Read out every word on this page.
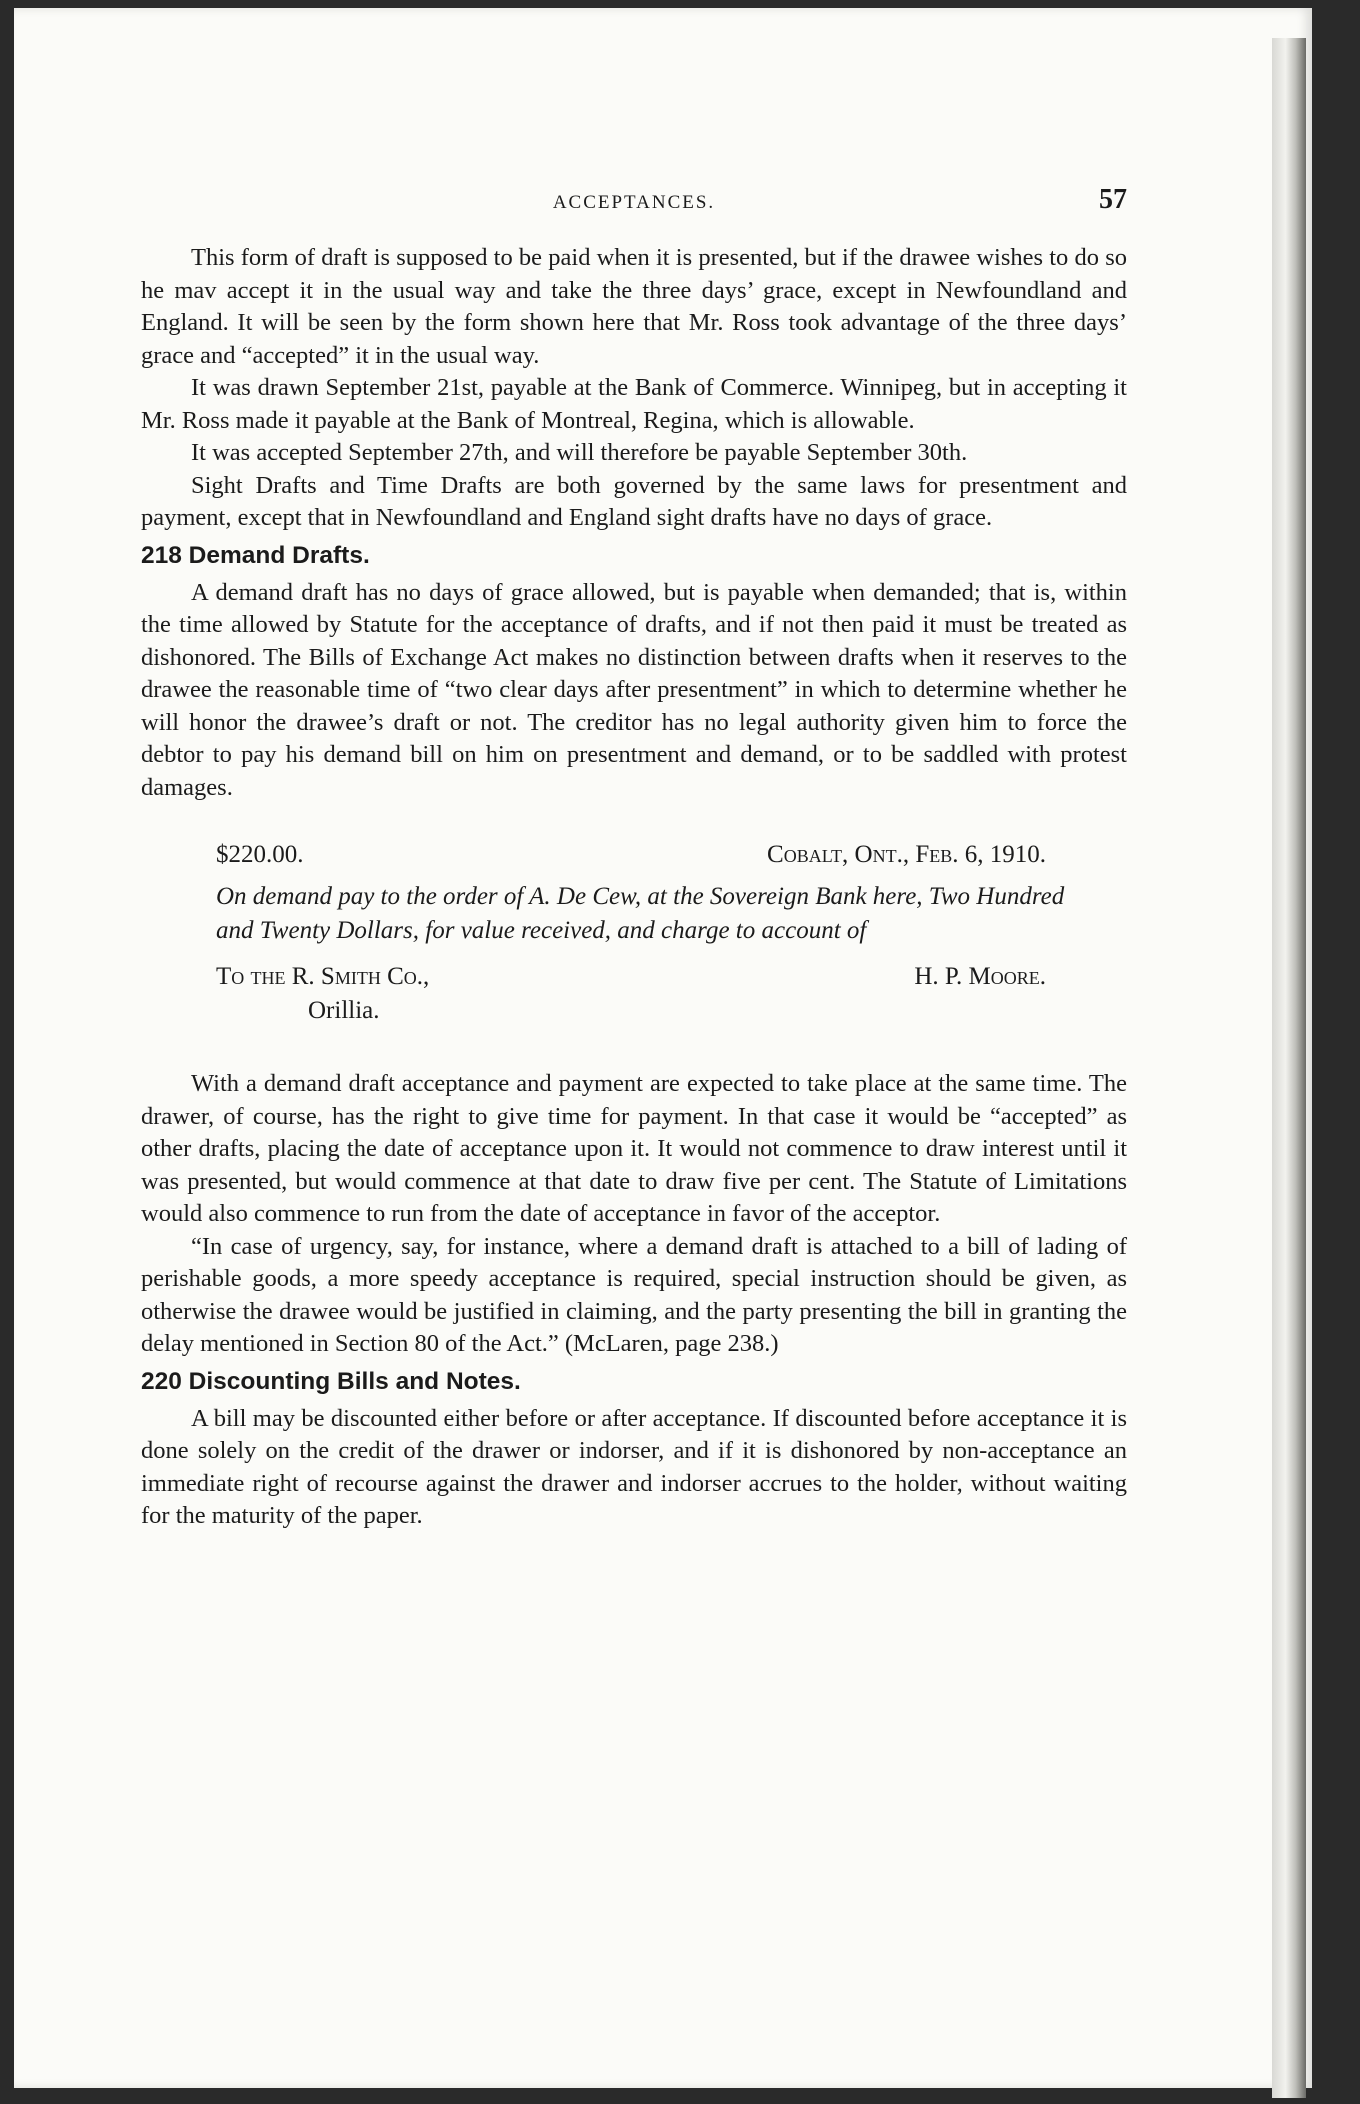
ACCEPTANCES.	57

This form of draft is supposed to be paid when it is presented, but if the drawee wishes to do so he mav accept it in the usual way and take the three days’ grace, except in Newfoundland and England. It will be seen by the form shown here that Mr. Ross took advantage of the three days’ grace and “accepted” it in the usual way.

It was drawn September 21st, payable at the Bank of Commerce. Winnipeg, but in accepting it Mr. Ross made it payable at the Bank of Montreal, Regina, which is allowable.

It was accepted September 27th, and will therefore be payable September 30th.

Sight Drafts and Time Drafts are both governed by the same laws for presentment and payment, except that in Newfoundland and England sight drafts have no days of grace.

218 Demand Drafts.

A demand draft has no days of grace allowed, but is payable when demanded; that is, within the time allowed by Statute for the acceptance of drafts, and if not then paid it must be treated as dishonored. The Bills of Exchange Act makes no distinction between drafts when it reserves to the drawee the reasonable time of “two clear days after presentment” in which to determine whether he will honor the drawee’s draft or not. The creditor has no legal authority given him to force the debtor to pay his demand bill on him on presentment and demand, or to be saddled with protest damages.

$220.00.	Cobalt, Ont., Feb. 6, 1910.
On demand pay to the order of A. De Cew, at the Sovereign Bank here, Two Hundred and Twenty Dollars, for value received, and charge to account of
To the R. Smith Co.,	H. P. Moore.
Orillia.

With a demand draft acceptance and payment are expected to take place at the same time. The drawer, of course, has the right to give time for payment. In that case it would be “accepted” as other drafts, placing the date of acceptance upon it. It would not commence to draw interest until it was presented, but would commence at that date to draw five per cent. The Statute of Limitations would also commence to run from the date of acceptance in favor of the acceptor.

“In case of urgency, say, for instance, where a demand draft is attached to a bill of lading of perishable goods, a more speedy acceptance is required, special instruction should be given, as otherwise the drawee would be justified in claiming, and the party presenting the bill in granting the delay mentioned in Section 80 of the Act.” (McLaren, page 238.)

220 Discounting Bills and Notes.

A bill may be discounted either before or after acceptance. If discounted before acceptance it is done solely on the credit of the drawer or indorser, and if it is dishonored by non-acceptance an immediate right of recourse against the drawer and indorser accrues to the holder, without waiting for the maturity of the paper.
